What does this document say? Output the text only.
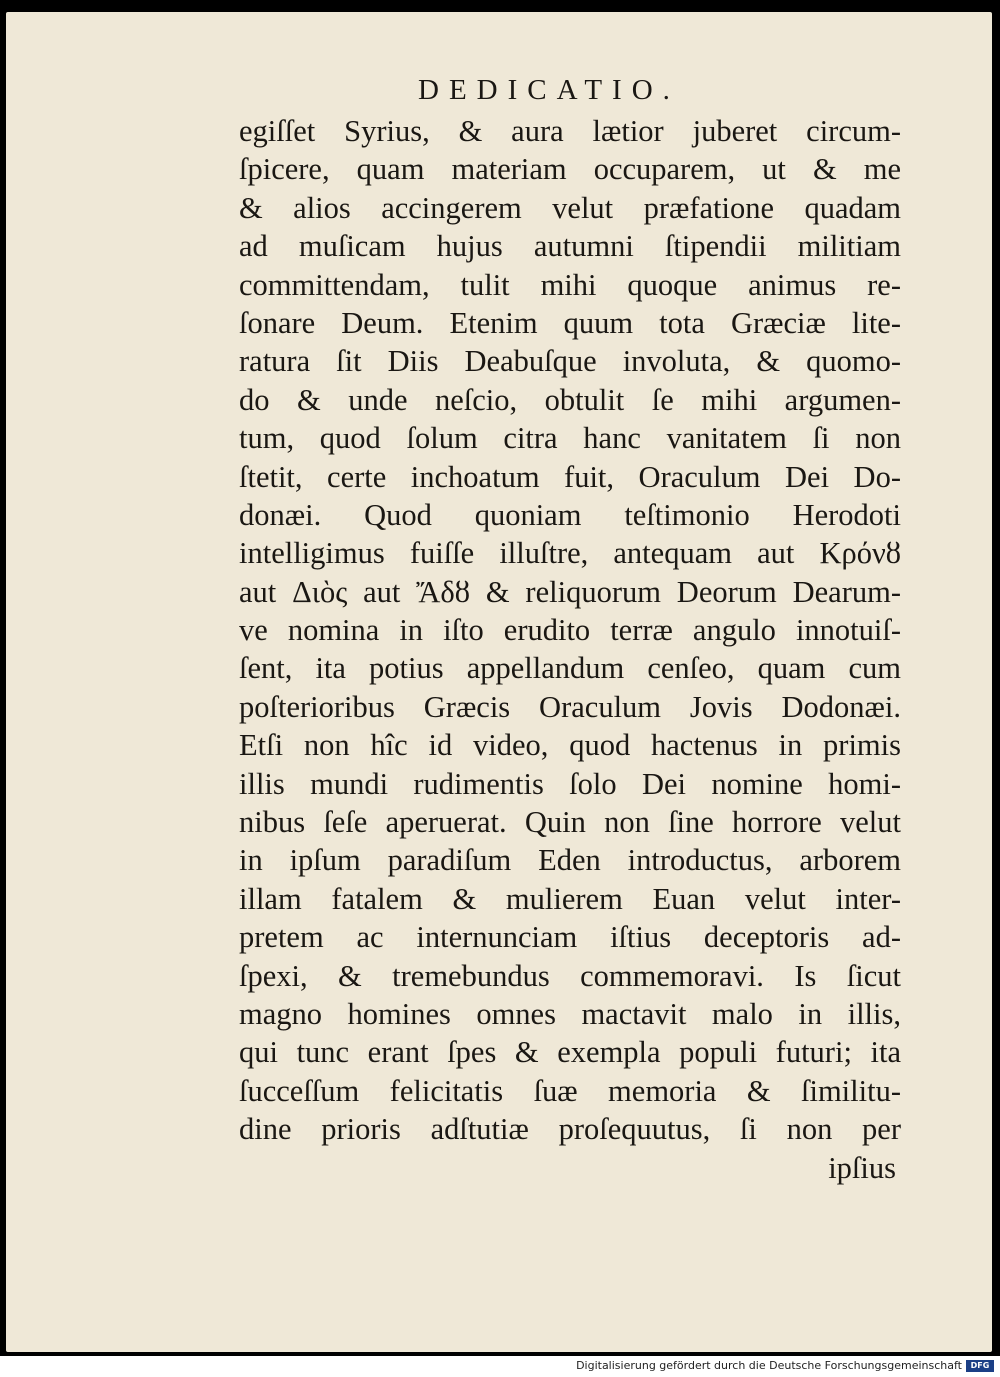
DEDICATIO.
egiſſet Syrius, & aura lætior juberet circum-
ſpicere, quam materiam occuparem, ut & me
& alios accingerem velut præfatione quadam
ad muſicam hujus autumni ſtipendii militiam
committendam, tulit mihi quoque animus re-
ſonare Deum. Etenim quum tota Græciæ lite-
ratura ſit Diis Deabuſque involuta, & quomo-
do & unde neſcio, obtulit ſe mihi argumen-
tum, quod ſolum citra hanc vanitatem ſi non
ſtetit, certe inchoatum fuit, Oraculum Dei Do-
donæi. Quod quoniam teſtimonio Herodoti
intelligimus fuiſſe illuſtre, antequam aut Κρόνȣ
aut Διὸς aut Ἄδȣ & reliquorum Deorum Dearum-
ve nomina in iſto erudito terræ angulo innotuiſ-
ſent, ita potius appellandum cenſeo, quam cum
poſterioribus Græcis Oraculum Jovis Dodonæi.
Etſi non hîc id video, quod hactenus in primis
illis mundi rudimentis ſolo Dei nomine homi-
nibus ſeſe aperuerat. Quin non ſine horrore velut
in ipſum paradiſum Eden introductus, arborem
illam fatalem & mulierem Euan velut inter-
pretem ac internunciam iſtius deceptoris ad-
ſpexi, & tremebundus commemoravi. Is ſicut
magno homines omnes mactavit malo in illis,
qui tunc erant ſpes & exempla populi futuri; ita
ſucceſſum felicitatis ſuæ memoria & ſimilitu-
dine prioris adſtutiæ proſequutus, ſi non per
ipſius
Digitalisierung gefördert durch die Deutsche Forschungsgemeinschaft	DFG
